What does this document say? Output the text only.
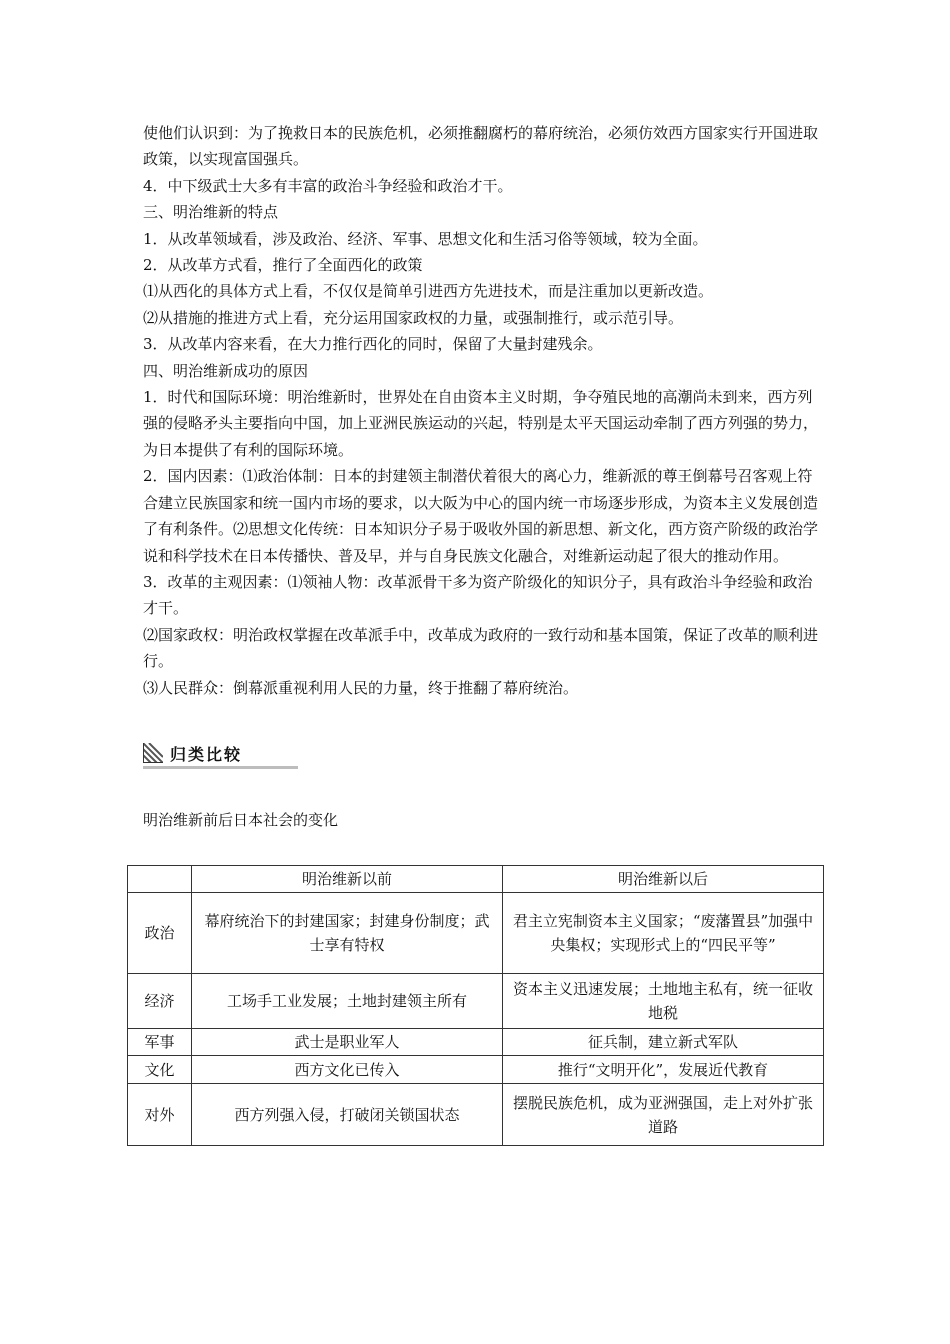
使他们认识到：为了挽救日本的民族危机，必须推翻腐朽的幕府统治，必须仿效西方国家实行开国进取政策，以实现富国强兵。

4．中下级武士大多有丰富的政治斗争经验和政治才干。

三、明治维新的特点

1．从改革领域看，涉及政治、经济、军事、思想文化和生活习俗等领域，较为全面。

2．从改革方式看，推行了全面西化的政策

⑴从西化的具体方式上看，不仅仅是简单引进西方先进技术，而是注重加以更新改造。

⑵从措施的推进方式上看，充分运用国家政权的力量，或强制推行，或示范引导。

3．从改革内容来看，在大力推行西化的同时，保留了大量封建残余。

四、明治维新成功的原因

1．时代和国际环境：明治维新时，世界处在自由资本主义时期，争夺殖民地的高潮尚未到来，西方列强的侵略矛头主要指向中国，加上亚洲民族运动的兴起，特别是太平天国运动牵制了西方列强的势力，为日本提供了有利的国际环境。

2．国内因素：⑴政治体制：日本的封建领主制潜伏着很大的离心力，维新派的尊王倒幕号召客观上符合建立民族国家和统一国内市场的要求，以大阪为中心的国内统一市场逐步形成，为资本主义发展创造了有利条件。⑵思想文化传统：日本知识分子易于吸收外国的新思想、新文化，西方资产阶级的政治学说和科学技术在日本传播快、普及早，并与自身民族文化融合，对维新运动起了很大的推动作用。

3．改革的主观因素：⑴领袖人物：改革派骨干多为资产阶级化的知识分子，具有政治斗争经验和政治才干。

⑵国家政权：明治政权掌握在改革派手中，改革成为政府的一致行动和基本国策，保证了改革的顺利进行。

⑶人民群众：倒幕派重视利用人民的力量，终于推翻了幕府统治。

归类比较
明治维新前后日本社会的变化
	明治维新以前	明治维新以后
政治	幕府统治下的封建国家；封建身份制度；武士享有特权	君主立宪制资本主义国家；“废藩置县”加强中央集权；实现形式上的“四民平等”
经济	工场手工业发展；土地封建领主所有	资本主义迅速发展；土地地主私有，统一征收地税
军事	武士是职业军人	征兵制，建立新式军队
文化	西方文化已传入	推行“文明开化”，发展近代教育
对外	西方列强入侵，打破闭关锁国状态	摆脱民族危机，成为亚洲强国，走上对外扩张道路
